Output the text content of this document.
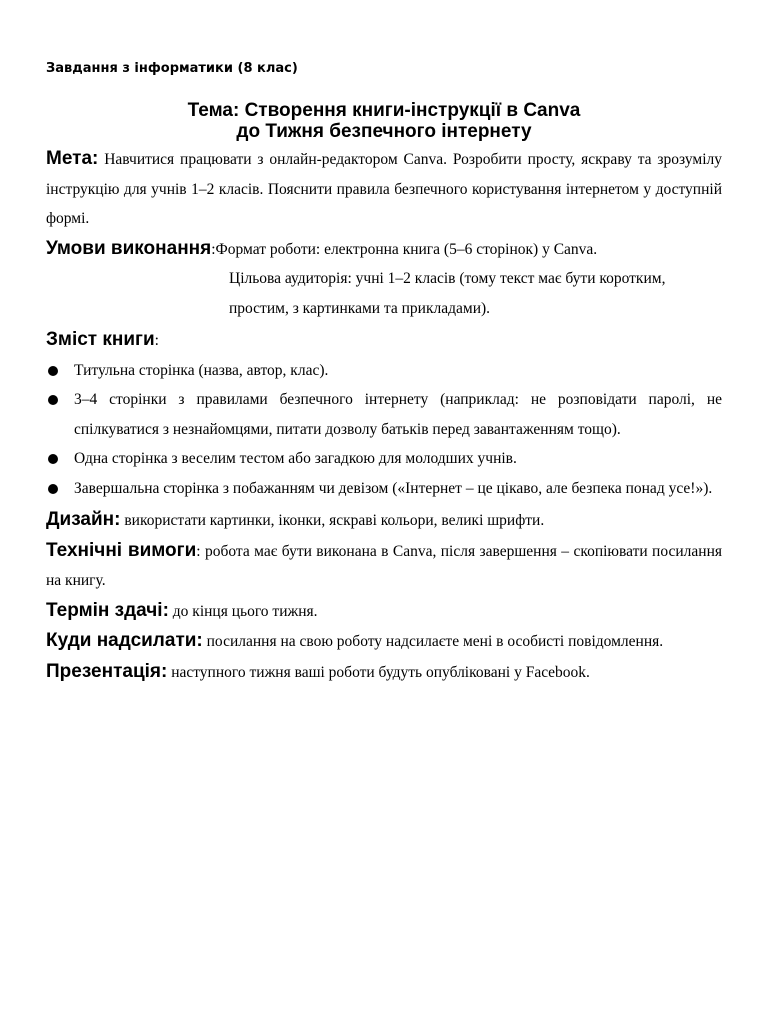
Завдання з інформатики (8 клас)
Тема: Створення книги-інструкції в Canva
до Тижня безпечного інтернету

Мета: Навчитися працювати з онлайн-редактором Canva. Розробити просту, яскраву та зрозумілу інструкцію для учнів 1–2 класів. Пояснити правила безпечного користування інтернетом у доступній формі.

Умови виконання:Формат роботи: електронна книга (5–6 сторінок) у Canva.

Цільова аудиторія: учні 1–2 класів (тому текст має бути коротким, простим, з картинками та прикладами).

Зміст книги:

Титульна сторінка (назва, автор, клас).
3–4 сторінки з правилами безпечного інтернету (наприклад: не розповідати паролі, не спілкуватися з незнайомцями, питати дозволу батьків перед завантаженням тощо).
Одна сторінка з веселим тестом або загадкою для молодших учнів.
Завершальна сторінка з побажанням чи девізом («Інтернет – це цікаво, але безпека понад усе!»).

Дизайн: використати картинки, іконки, яскраві кольори, великі шрифти.

Технічні вимоги: робота має бути виконана в Canva, після завершення – скопіювати посилання на книгу.

Термін здачі: до кінця цього тижня.

Куди надсилати: посилання на свою роботу надсилаєте мені в особисті повідомлення.

Презентація: наступного тижня ваші роботи будуть опубліковані у Facebook.
